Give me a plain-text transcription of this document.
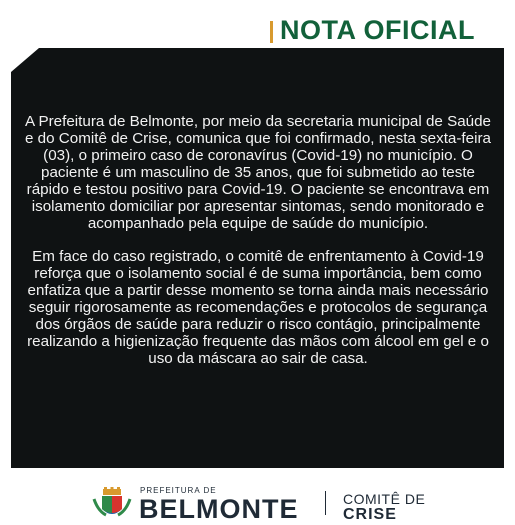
NOTA OFICIAL

A Prefeitura de Belmonte, por meio da secretaria municipal de Saúde e do Comitê de Crise, comunica que foi confirmado, nesta sexta-feira (03), o primeiro caso de coronavírus (Covid-19) no município. O paciente é um masculino de 35 anos, que foi submetido ao teste rápido e testou positivo para Covid-19. O paciente se encontrava em isolamento domiciliar por apresentar sintomas, sendo monitorado e acompanhado pela equipe de saúde do município.

Em face do caso registrado, o comitê de enfrentamento à Covid-19 reforça que o isolamento social é de suma importância, bem como enfatiza que a partir desse momento se torna ainda mais necessário seguir rigorosamente as recomendações e protocolos de segurança dos órgãos de saúde para reduzir o risco contágio, principalmente realizando a higienização frequente das mãos com álcool em gel e o uso da máscara ao sair de casa.

PREFEITURA DE
BELMONTE	COMITÊ DE
CRISE
